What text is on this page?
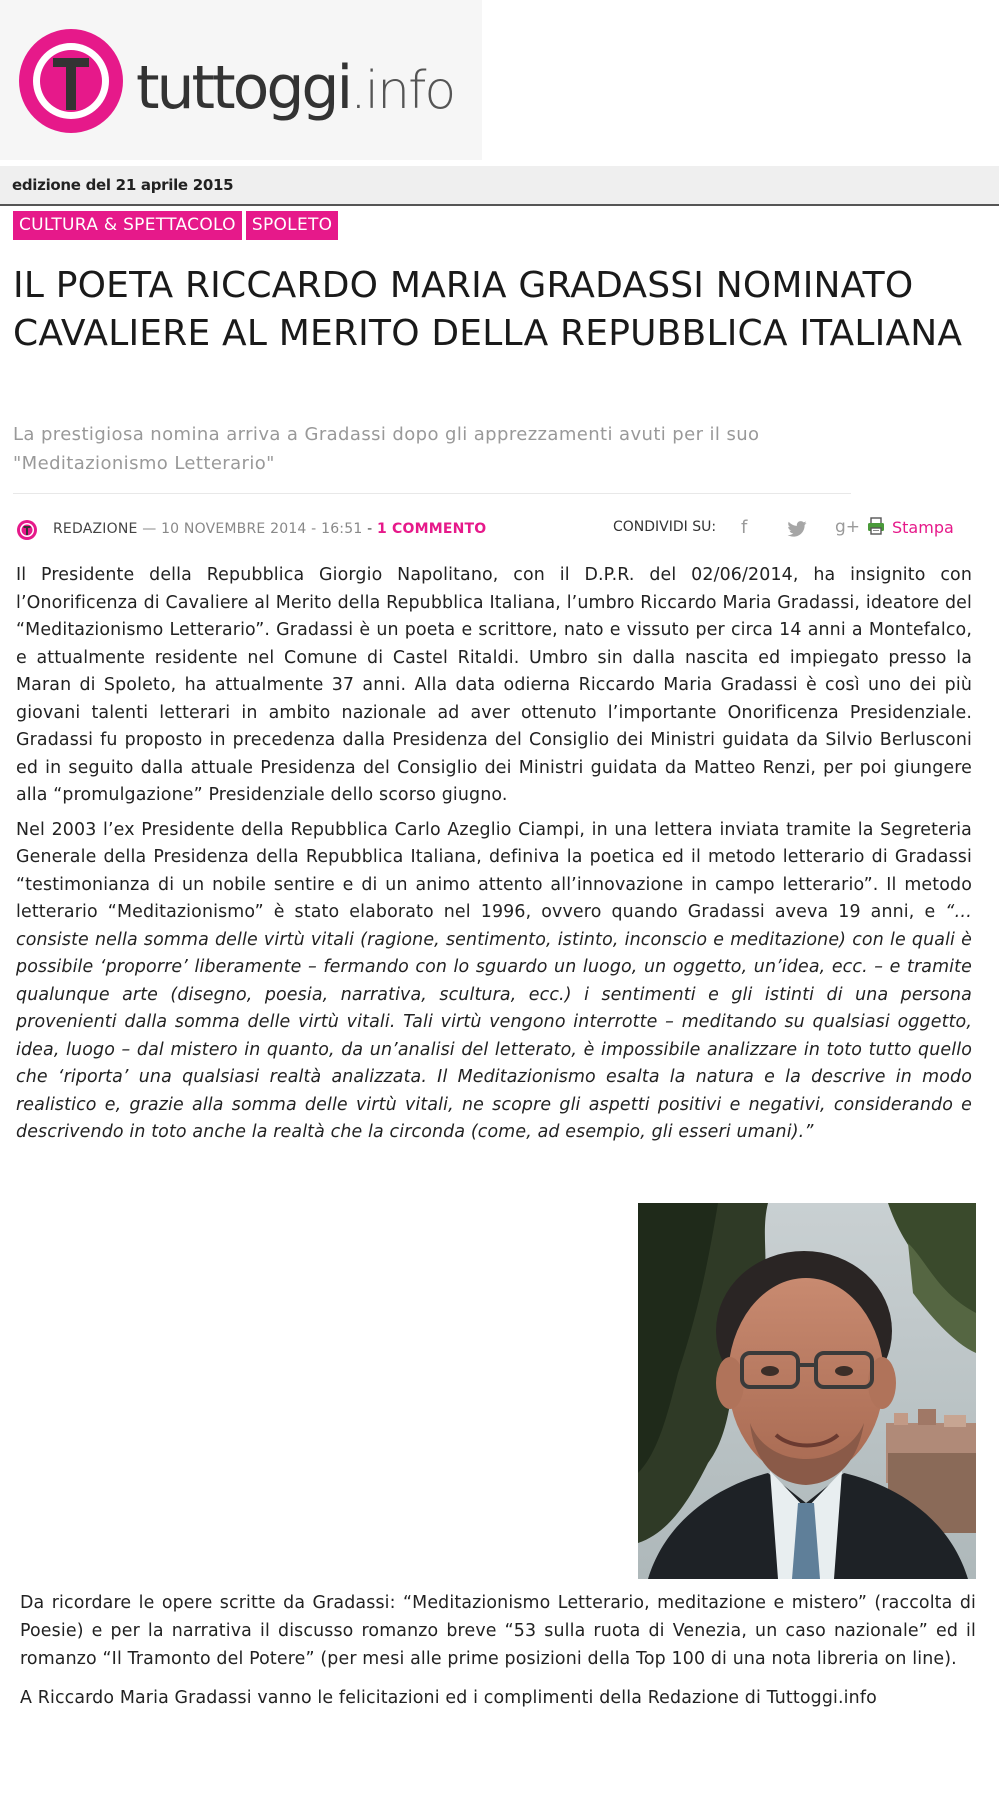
tuttoggi.info
edizione del 21 aprile 2015
CULTURA & SPETTACOLO SPOLETO
IL POETA RICCARDO MARIA GRADASSI NOMINATO CAVALIERE AL MERITO DELLA REPUBBLICA ITALIANA
La prestigiosa nomina arriva a Gradassi dopo gli apprezzamenti avuti per il suo "Meditazionismo Letterario"
REDAZIONE — 10 NOVEMBRE 2014 - 16:51 - 1 COMMENTO	CONDIVIDI SU: f	g+	Stampa

Il Presidente della Repubblica Giorgio Napolitano, con il D.P.R. del 02/06/2014, ha insignito con l’Onorificenza di Cavaliere al Merito della Repubblica Italiana, l’umbro Riccardo Maria Gradassi, ideatore del “Meditazionismo Letterario”. Gradassi è un poeta e scrittore, nato e vissuto per circa 14 anni a Montefalco, e attualmente residente nel Comune di Castel Ritaldi. Umbro sin dalla nascita ed impiegato presso la Maran di Spoleto, ha attualmente 37 anni. Alla data odierna Riccardo Maria Gradassi è così uno dei più giovani talenti letterari in ambito nazionale ad aver ottenuto l’importante Onorificenza Presidenziale. Gradassi fu proposto in precedenza dalla Presidenza del Consiglio dei Ministri guidata da Silvio Berlusconi ed in seguito dalla attuale Presidenza del Consiglio dei Ministri guidata da Matteo Renzi, per poi giungere alla “promulgazione” Presidenziale dello scorso giugno.

Nel 2003 l’ex Presidente della Repubblica Carlo Azeglio Ciampi, in una lettera inviata tramite la Segreteria Generale della Presidenza della Repubblica Italiana, definiva la poetica ed il metodo letterario di Gradassi “testimonianza di un nobile sentire e di un animo attento all’innovazione in campo letterario”. Il metodo letterario “Meditazionismo” è stato elaborato nel 1996, ovvero quando Gradassi aveva 19 anni, e “… consiste nella somma delle virtù vitali (ragione, sentimento, istinto, inconscio e meditazione) con le quali è possibile ‘proporre’ liberamente – fermando con lo sguardo un luogo, un oggetto, un’idea, ecc. – e tramite qualunque arte (disegno, poesia, narrativa, scultura, ecc.) i sentimenti e gli istinti di una persona provenienti dalla somma delle virtù vitali. Tali virtù vengono interrotte – meditando su qualsiasi oggetto, idea, luogo – dal mistero in quanto, da un’analisi del letterato, è impossibile analizzare in toto tutto quello che ‘riporta’ una qualsiasi realtà analizzata. Il Meditazionismo esalta la natura e la descrive in modo realistico e, grazie alla somma delle virtù vitali, ne scopre gli aspetti positivi e negativi, considerando e descrivendo in toto anche la realtà che la circonda (come, ad esempio, gli esseri umani).”

Da ricordare le opere scritte da Gradassi: “Meditazionismo Letterario, meditazione e mistero” (raccolta di Poesie) e per la narrativa il discusso romanzo breve “53 sulla ruota di Venezia, un caso nazionale” ed il romanzo “Il Tramonto del Potere” (per mesi alle prime posizioni della Top 100 di una nota libreria on line).

A Riccardo Maria Gradassi vanno le felicitazioni ed i complimenti della Redazione di Tuttoggi.info
